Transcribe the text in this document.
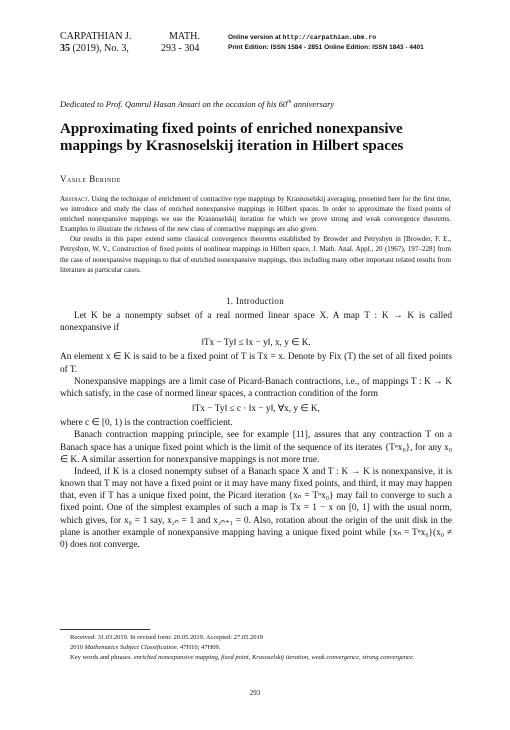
CARPATHIAN J.	MATH.
35 (2019), No. 3,	293 - 304
Online version at http://carpathian.ubm.ro
Print Edition: ISSN 1584 - 2851 Online Edition: ISSN 1843 - 4401
Dedicated to Prof. Qamrul Hasan Ansari on the occasion of his 60th anniversary
Approximating fixed points of enriched nonexpansive mappings by Krasnoselskij iteration in Hilbert spaces
Vasile Berinde

Abstract. Using the technique of enrichment of contractive type mappings by Krasnoselskij averaging, presented here for the first time, we introduce and study the class of enriched nonexpansive mappings in Hilbert spaces. In order to approximate the fixed points of enriched nonexpansive mappings we use the Krasnoselskij iteration for which we prove strong and weak convergence theorems. Examples to illustrate the richness of the new class of contractive mappings are also given.

Our results in this paper extend some classical convergence theorems established by Browder and Petryshyn in [Browder, F. E., Petryshyn, W. V., Construction of fixed points of nonlinear mappings in Hilbert space, J. Math. Anal. Appl., 20 (1967), 197–228] from the case of nonexpansive mappings to that of enriched nonexpansive mappings, thus including many other important related results from literature as particular cases.

1. Introduction

Let K be a nonempty subset of a real normed linear space X. A map T : K → K is called nonexpansive if

‖Tx − Ty‖ ≤ ‖x − y‖, x, y ∈ K.

An element x ∈ K is said to be a fixed point of T is Tx = x. Denote by Fix (T) the set of all fixed points of T.

Nonexpansive mappings are a limit case of Picard-Banach contractions, i.e., of mappings T : K → K which satisfy, in the case of normed linear spaces, a contraction condition of the form

‖Tx − Ty‖ ≤ c · ‖x − y‖, ∀x, y ∈ K,

where c ∈ [0, 1) is the contraction coefficient.

Banach contraction mapping principle, see for example [11], assures that any contraction T on a Banach space has a unique fixed point which is the limit of the sequence of its iterates {Tⁿx₀}, for any x₀ ∈ K. A similar assertion for nonexpansive mappings is not more true.

Indeed, if K is a closed nonempty subset of a Banach space X and T : K → K is nonexpansive, it is known that T may not have a fixed point or it may have many fixed points, and third, it may may happen that, even if T has a unique fixed point, the Picard iteration {xₙ = Tⁿx₀} may fail to converge to such a fixed point. One of the simplest examples of such a map is Tx = 1 − x on [0, 1] with the usual norm, which gives, for x₀ = 1 say, x₂ₙ = 1 and x₂ₙ₊₁ = 0. Also, rotation about the origin of the unit disk in the plane is another example of nonexpansive mapping having a unique fixed point while {xₙ = Tⁿx₀}(x₀ ≠ 0) does not converge.

Received: 31.03.2019. In revised form: 20.05.2019. Accepted: 27.05.2019
2010 Mathematics Subject Classification. 47H10; 47H09.
Key words and phrases. enriched nonexpansive mapping, fixed point, Krasoselskij iteration, weak convergence, strong convergence.
293
